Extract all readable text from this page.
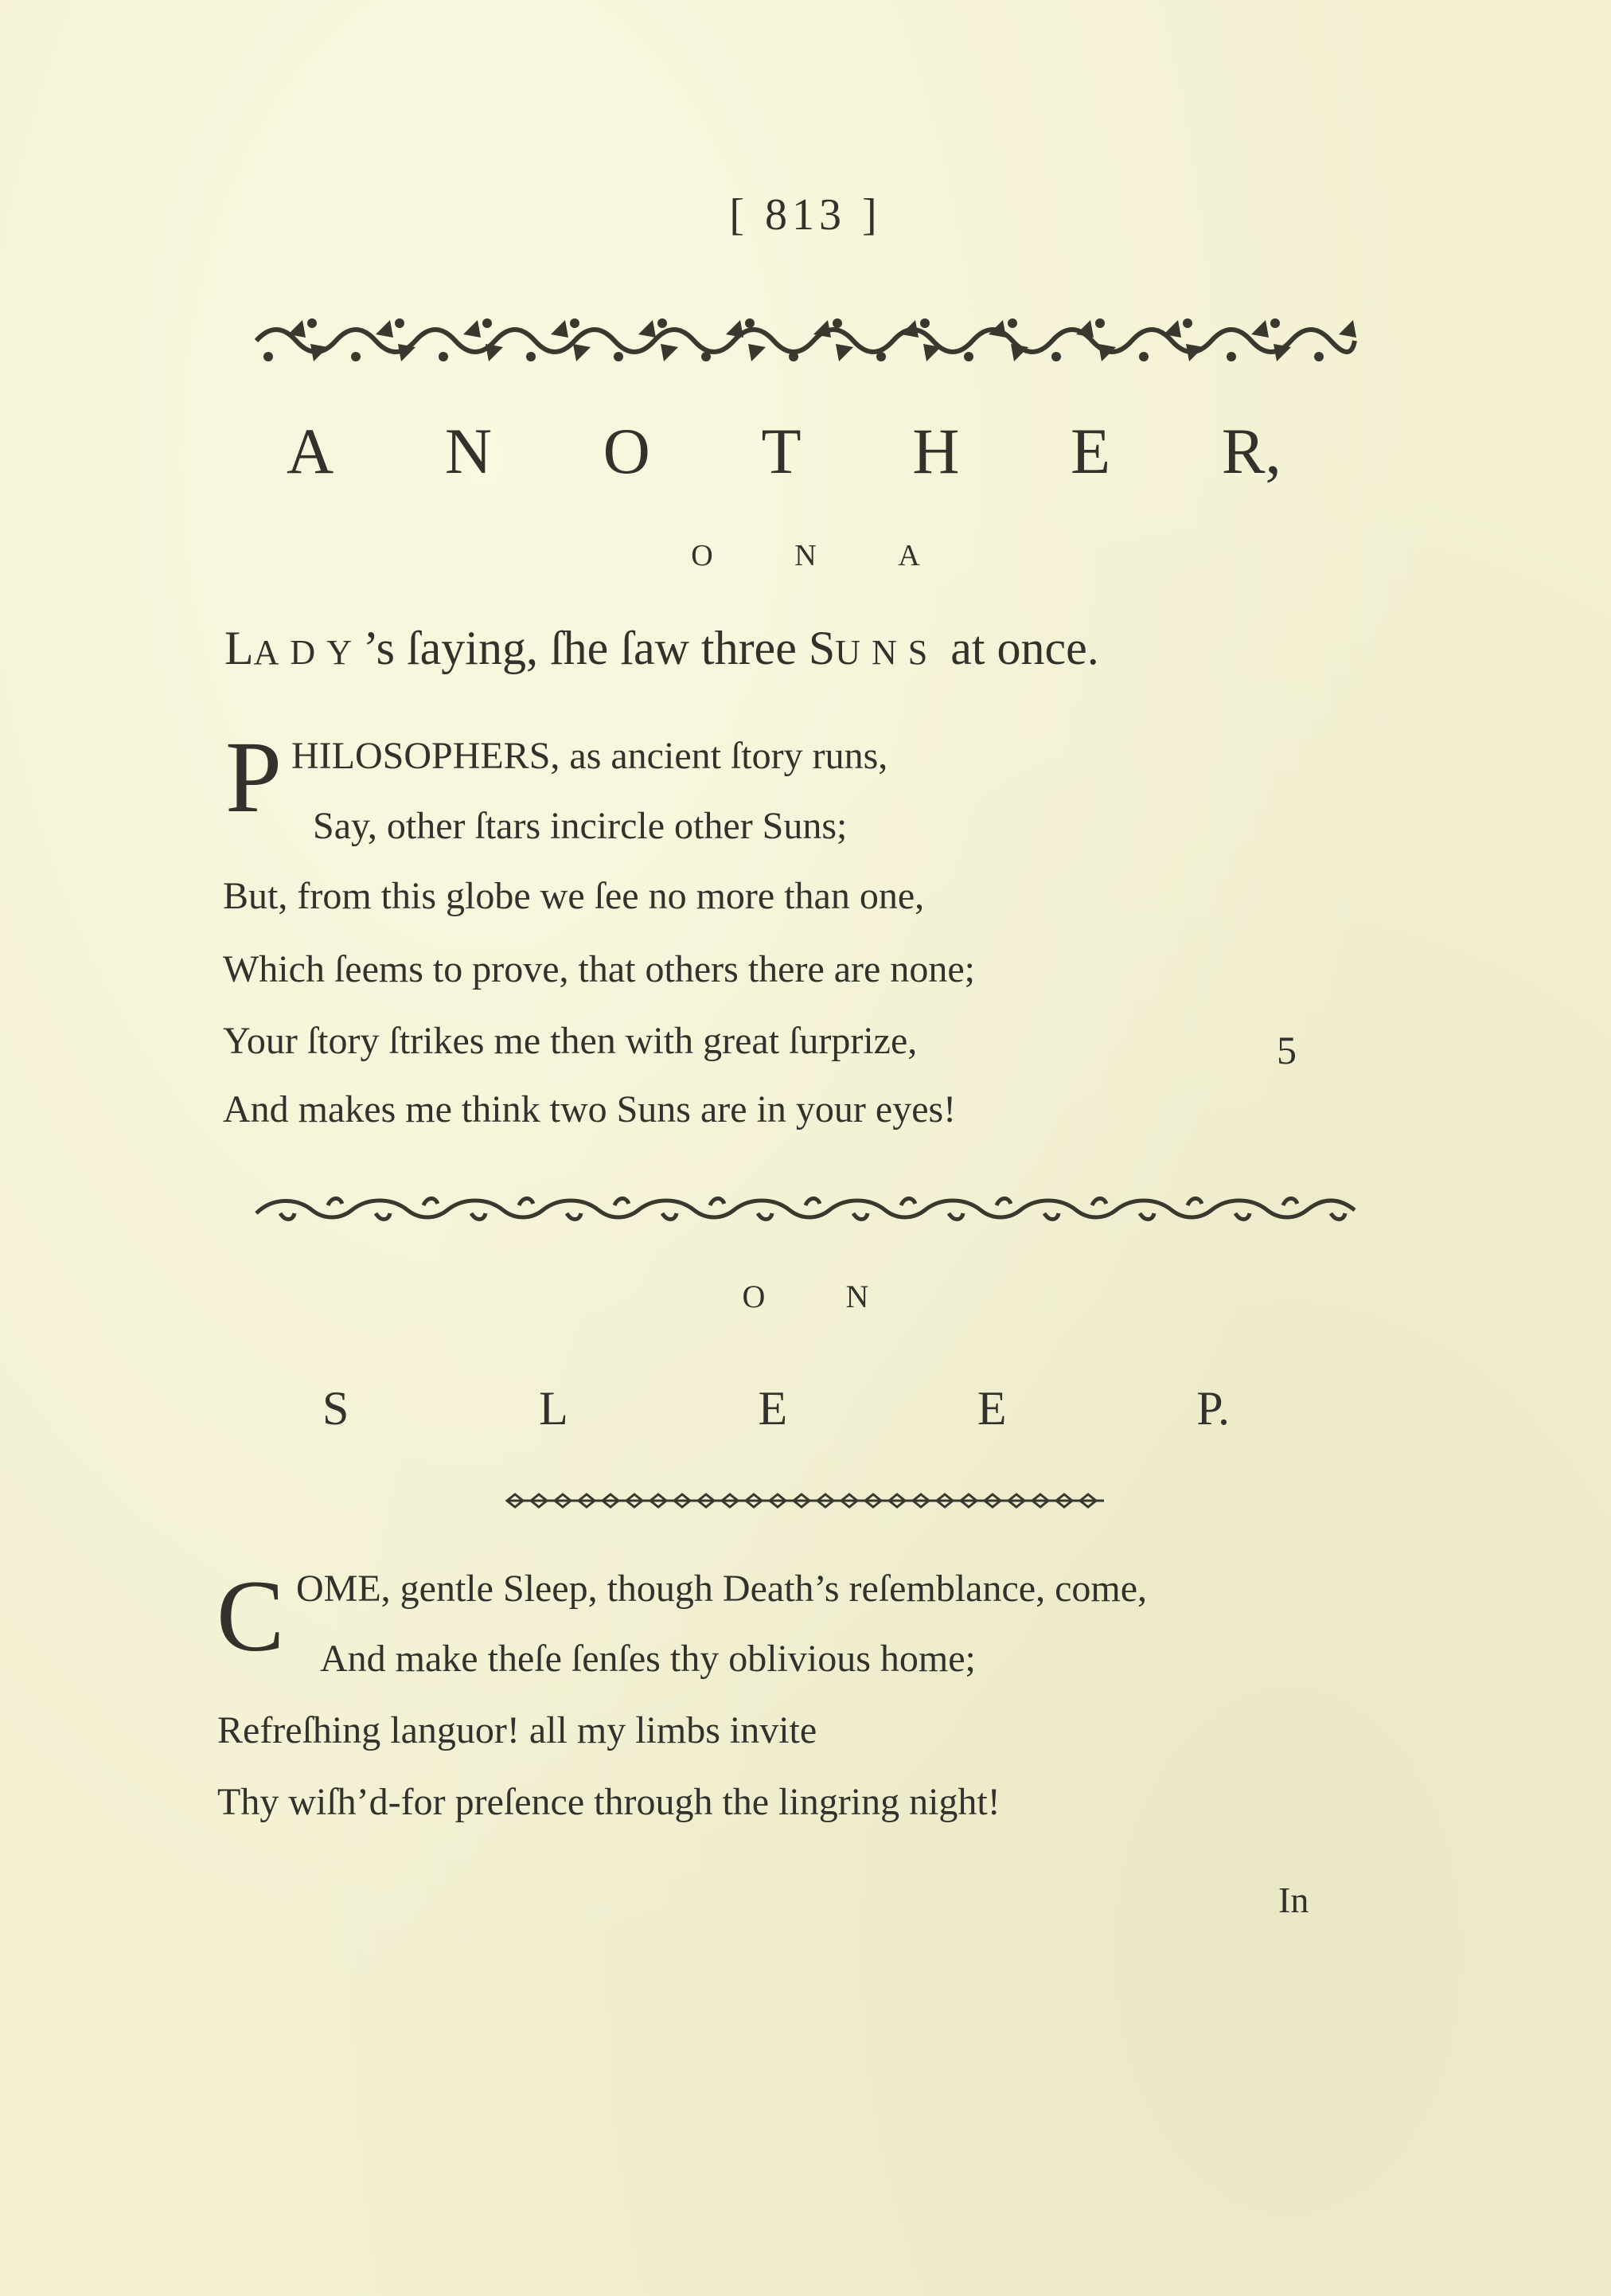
[ 813 ]
A N O T H E R,
O	N	A
LADY’s ſaying, ſhe ſaw three SUNS at once.
P HILOSOPHERS, as ancient ſtory runs,
Say, other ſtars incircle other Suns;
But, from this globe we ſee no more than one,
Which ſeems to prove, that others there are none;
Your ſtory ſtrikes me then with great ſurprize,	5
And makes me think two Suns are in your eyes!
O	N
S	L	E	E	P.
C OME, gentle Sleep, though Death’s reſemblance, come,
And make theſe ſenſes thy oblivious home;
Refreſhing languor! all my limbs invite
Thy wiſh’d-for preſence through the lingring night!
In
